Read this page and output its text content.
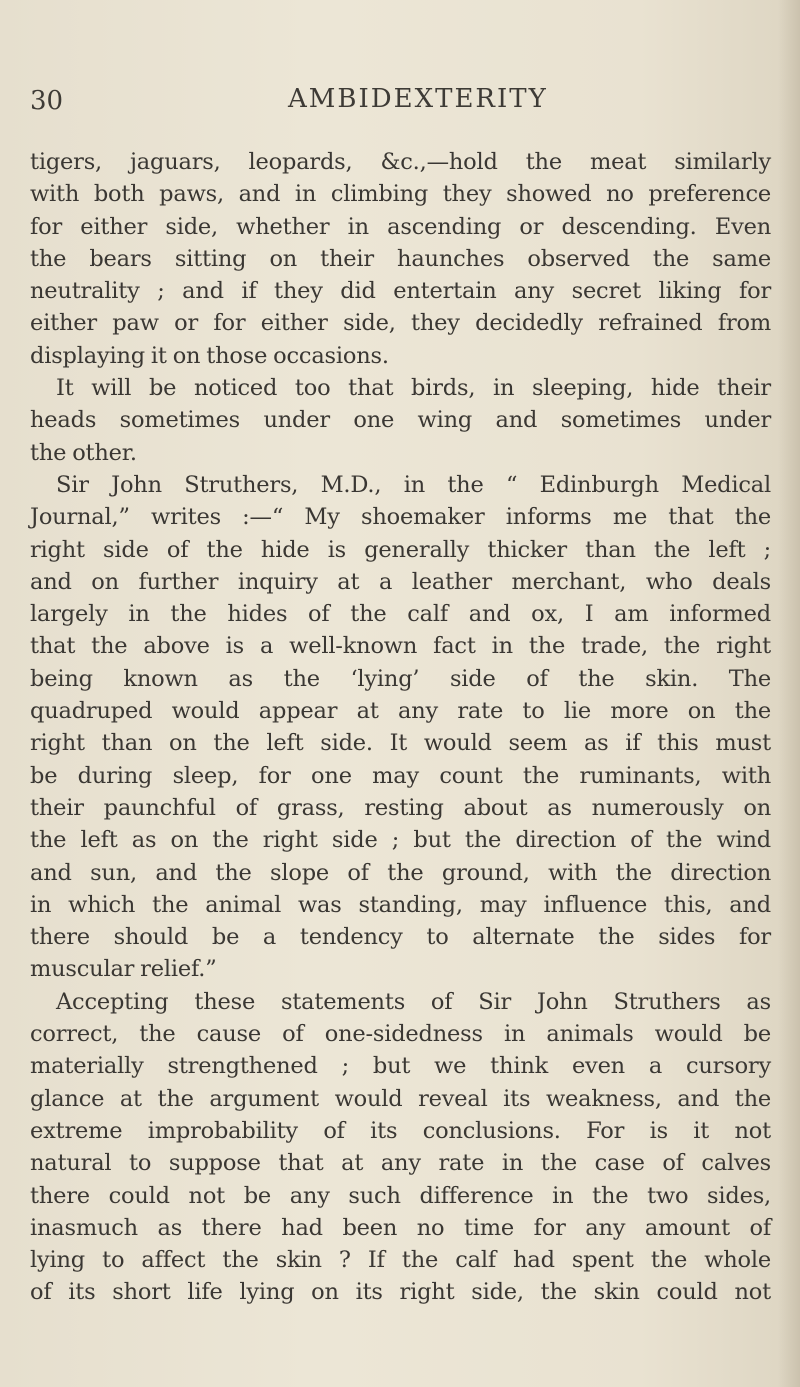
30	AMBIDEXTERITY
tigers, jaguars, leopards, &c.,—hold the meat similarly
with both paws, and in climbing they showed no preference
for either side, whether in ascending or descending. Even
the bears sitting on their haunches observed the same
neutrality ; and if they did entertain any secret liking for
either paw or for either side, they decidedly refrained from
displaying it on those occasions.
It will be noticed too that birds, in sleeping, hide their
heads sometimes under one wing and sometimes under
the other.
Sir John Struthers, M.D., in the “ Edinburgh Medical
Journal,” writes :—“ My shoemaker informs me that the
right side of the hide is generally thicker than the left ;
and on further inquiry at a leather merchant, who deals
largely in the hides of the calf and ox, I am informed
that the above is a well-known fact in the trade, the right
being known as the ‘lying’ side of the skin. The
quadruped would appear at any rate to lie more on the
right than on the left side. It would seem as if this must
be during sleep, for one may count the ruminants, with
their paunchful of grass, resting about as numerously on
the left as on the right side ; but the direction of the wind
and sun, and the slope of the ground, with the direction
in which the animal was standing, may influence this, and
there should be a tendency to alternate the sides for
muscular relief.”
Accepting these statements of Sir John Struthers as
correct, the cause of one-sidedness in animals would be
materially strengthened ; but we think even a cursory
glance at the argument would reveal its weakness, and the
extreme improbability of its conclusions. For is it not
natural to suppose that at any rate in the case of calves
there could not be any such difference in the two sides,
inasmuch as there had been no time for any amount of
lying to affect the skin ? If the calf had spent the whole
of its short life lying on its right side, the skin could not
